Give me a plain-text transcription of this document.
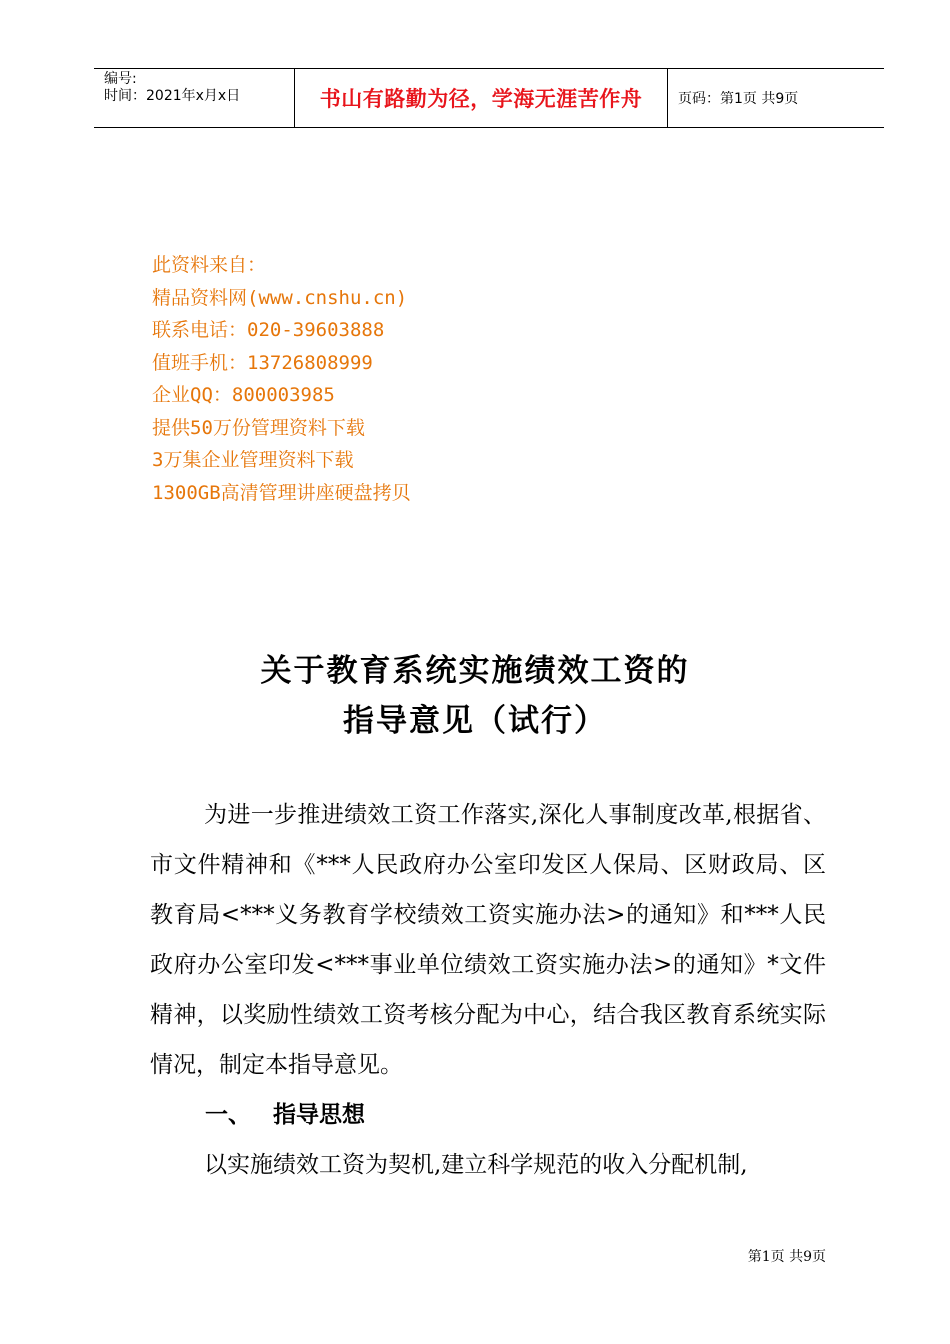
编号:
时间：2021年x月x日	书山有路勤为径，学海无涯苦作舟	页码：第1页 共9页
此资料来自：
精品资料网(www.cnshu.cn)
联系电话：020-39603888
值班手机：13726808999
企业QQ：800003985
提供50万份管理资料下载
3万集企业管理资料下载
1300GB高清管理讲座硬盘拷贝
关于教育系统实施绩效工资的
指导意见（试行）
为进一步推进绩效工资工作落实,深化人事制度改革,根据省、市文件精神和《***人民政府办公室印发区人保局、区财政局、区教育局<***义务教育学校绩效工资实施办法>的通知》和***人民政府办公室印发<***事业单位绩效工资实施办法>的通知》*文件精神，以奖励性绩效工资考核分配为中心，结合我区教育系统实际情况，制定本指导意见。
一、 指导思想
以实施绩效工资为契机,建立科学规范的收入分配机制,
第1页 共9页
